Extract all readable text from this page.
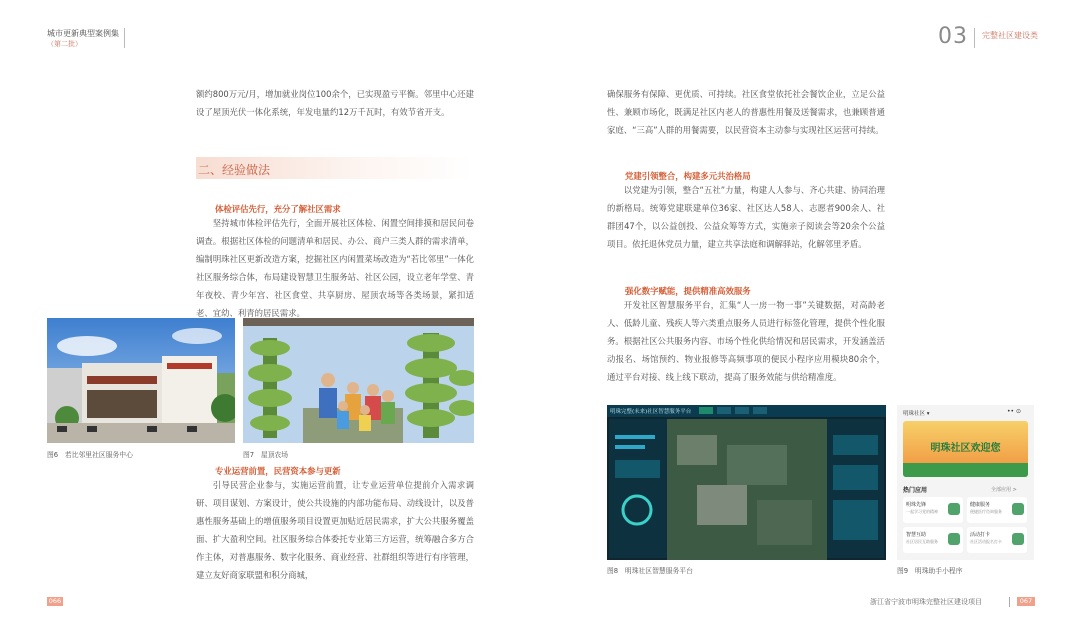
城市更新典型案例集
（第二批）	03 完整社区建设类

额约800万元/月，增加就业岗位100余个，已实现盈亏平衡。邻里中心还建设了屋顶光伏一体化系统，年发电量约12万千瓦时，有效节省开支。

二、经验做法
体检评估先行，充分了解社区需求

坚持城市体检评估先行，全面开展社区体检、闲置空间排摸和居民问卷调查。根据社区体检的问题清单和居民、办公、商户三类人群的需求清单，编制明珠社区更新改造方案，挖掘社区内闲置菜场改造为“若比邻里”一体化社区服务综合体，布局建设智慧卫生服务站、社区公园，设立老年学堂、青年夜校、青少年宫、社区食堂、共享厨房、屋顶农场等各类场景，紧扣适老、宜幼、利青的居民需求。

图6　若比邻里社区服务中心	图7　屋顶农场
专业运营前置，民营资本参与更新

引导民营企业参与，实施运营前置，让专业运营单位提前介入需求调研、项目谋划、方案设计，使公共设施的内部功能布局、动线设计，以及普惠性服务基础上的增值服务项目设置更加贴近居民需求，扩大公共服务覆盖面、扩大盈利空间。社区服务综合体委托专业第三方运营，统筹融合多方合作主体，对普惠服务、数字化服务、商业经营、社群组织等进行有序管理，建立友好商家联盟和积分商城，

确保服务有保障、更优质、可持续。社区食堂依托社会餐饮企业，立足公益性、兼顾市场化，既满足社区内老人的普惠性用餐及送餐需求，也兼顾普通家庭、“三高”人群的用餐需要，以民营资本主动参与实现社区运营可持续。

党建引领整合，构建多元共治格局

以党建为引领，整合“五社”力量，构建人人参与、齐心共建、协同治理的新格局。统筹党建联建单位36家、社区达人58人、志愿者900余人、社群团47个，以公益创投、公益众筹等方式，实施亲子阅读会等20余个公益项目。依托退休党员力量，建立共享法庭和调解驿站，化解邻里矛盾。

强化数字赋能，提供精准高效服务

开发社区智慧服务平台，汇集“人一房一物一事”关键数据，对高龄老人、低龄儿童、残疾人等六类重点服务人员进行标签化管理，提供个性化服务。根据社区公共服务内容、市场个性化供给情况和居民需求，开发涵盖活动报名、场馆预约、物业报修等高频事项的便民小程序应用模块80余个，通过平台对接、线上线下联动，提高了服务效能与供给精准度。

明珠完整(未来)社区智慧服务平台
图8　明珠社区智慧服务平台
明珠社区 ▾	•• ⊙
明珠社区欢迎您
热门应用	全部应用 >
明珠先锋
一起学习党的精神
健康服务
便捷医疗咨询服务
智慧互助
社区居民互助服务
活动打卡
社区活动报名打卡
图9　明珠助手小程序
066	浙江省宁波市明珠完整社区建设项目	067
